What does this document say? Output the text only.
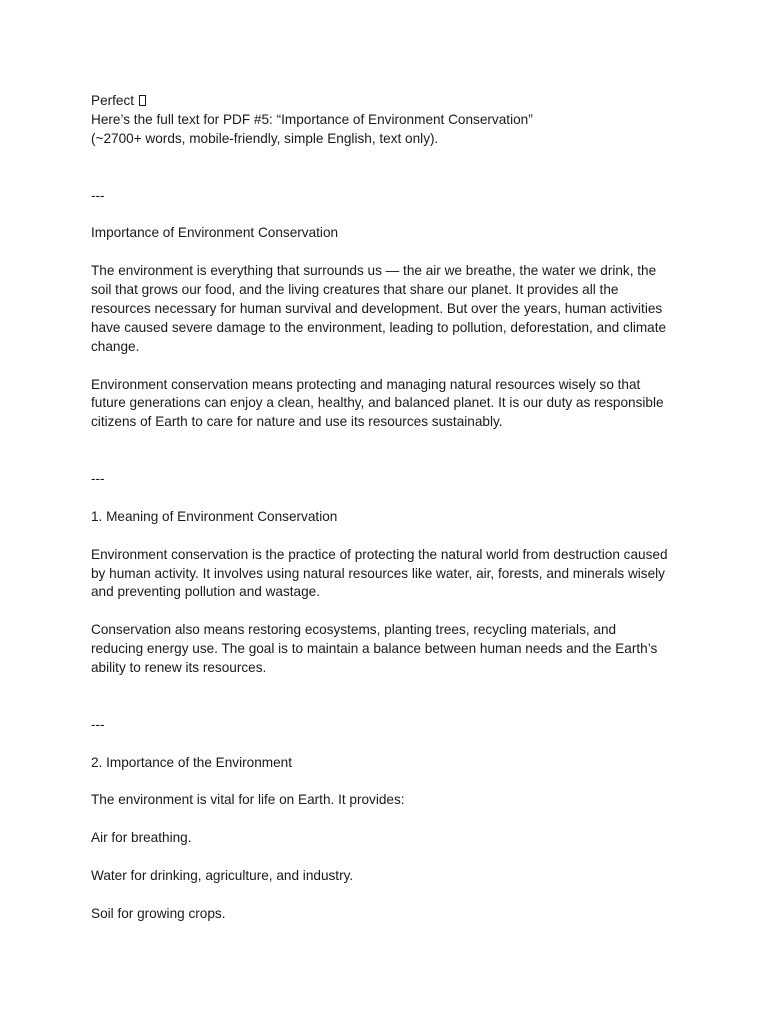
Perfect

Here’s the full text for PDF #5: “Importance of Environment Conservation”

(~2700+ words, mobile-friendly, simple English, text only).

---

Importance of Environment Conservation

The environment is everything that surrounds us — the air we breathe, the water we drink, the

soil that grows our food, and the living creatures that share our planet. It provides all the

resources necessary for human survival and development. But over the years, human activities

have caused severe damage to the environment, leading to pollution, deforestation, and climate

change.

Environment conservation means protecting and managing natural resources wisely so that

future generations can enjoy a clean, healthy, and balanced planet. It is our duty as responsible

citizens of Earth to care for nature and use its resources sustainably.

---

1. Meaning of Environment Conservation

Environment conservation is the practice of protecting the natural world from destruction caused

by human activity. It involves using natural resources like water, air, forests, and minerals wisely

and preventing pollution and wastage.

Conservation also means restoring ecosystems, planting trees, recycling materials, and

reducing energy use. The goal is to maintain a balance between human needs and the Earth’s

ability to renew its resources.

---

2. Importance of the Environment

The environment is vital for life on Earth. It provides:

Air for breathing.

Water for drinking, agriculture, and industry.

Soil for growing crops.
